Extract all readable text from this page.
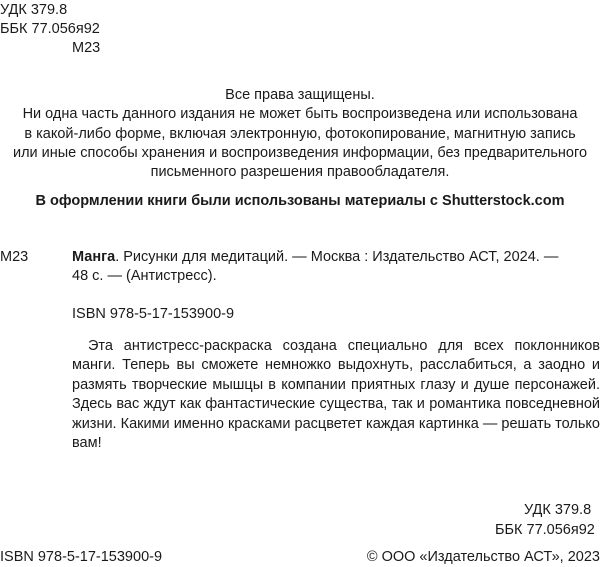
УДК 379.8
ББК 77.056я92
М23
Все права защищены.
Ни одна часть данного издания не может быть воспроизведена или использована
в какой-либо форме, включая электронную, фотокопирование, магнитную запись
или иные способы хранения и воспроизведения информации, без предварительного
письменного разрешения правообладателя.
В оформлении книги были использованы материалы с Shutterstock.com
М23	Манга. Рисунки для медитаций. — Москва : Издательство АСТ, 2024. —
48 с. — (Антистресс).
ISBN 978-5-17-153900-9

Эта антистресс-раскраска создана специально для всех поклонников манги. Теперь вы сможете немножко выдохнуть, расслабиться, а заодно и размять творческие мышцы в компании приятных глазу и душе персонажей. Здесь вас ждут как фантастические существа, так и романтика повседневной жизни. Какими именно красками расцветет каждая картинка — решать только вам!

УДК 379.8
ББК 77.056я92
ISBN 978-5-17-153900-9	© ООО «Издательство АСТ», 2023
